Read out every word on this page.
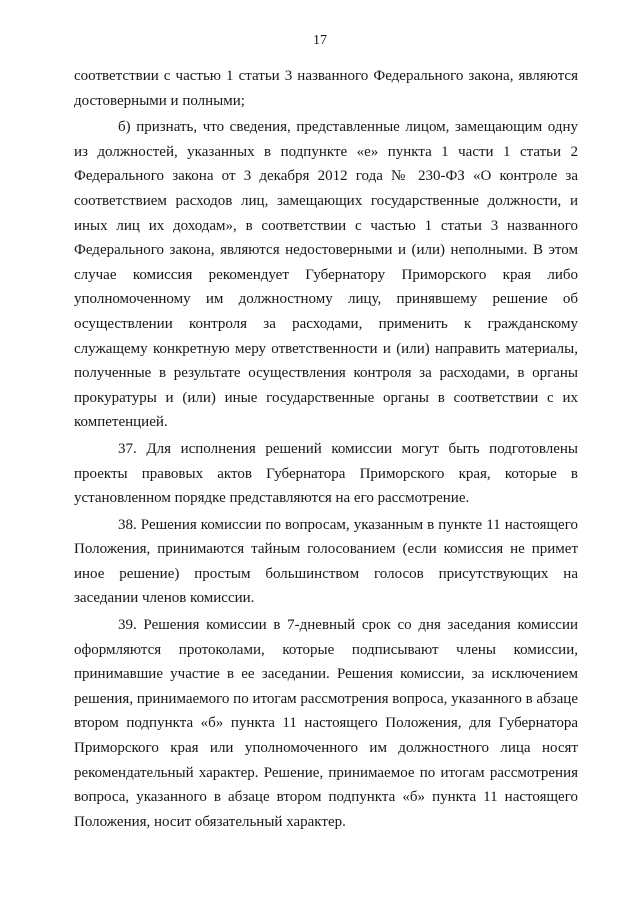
17

соответствии с частью 1 статьи 3 названного Федерального закона, являются достоверными и полными;

б) признать, что сведения, представленные лицом, замещающим одну из должностей, указанных в подпункте «е» пункта 1 части 1 статьи 2 Федерального закона от 3 декабря 2012 года № 230-ФЗ «О контроле за соответствием расходов лиц, замещающих государственные должности, и иных лиц их доходам», в соответствии с частью 1 статьи 3 названного Федерального закона, являются недостоверными и (или) неполными. В этом случае комиссия рекомендует Губернатору Приморского края либо уполномоченному им должностному лицу, принявшему решение об осуществлении контроля за расходами, применить к гражданскому служащему конкретную меру ответственности и (или) направить материалы, полученные в результате осуществления контроля за расходами, в органы прокуратуры и (или) иные государственные органы в соответствии с их компетенцией.

37. Для исполнения решений комиссии могут быть подготовлены проекты правовых актов Губернатора Приморского края, которые в установленном порядке представляются на его рассмотрение.

38. Решения комиссии по вопросам, указанным в пункте 11 настоящего Положения, принимаются тайным голосованием (если комиссия не примет иное решение) простым большинством голосов присутствующих на заседании членов комиссии.

39. Решения комиссии в 7-дневный срок со дня заседания комиссии оформляются протоколами, которые подписывают члены комиссии, принимавшие участие в ее заседании. Решения комиссии, за исключением решения, принимаемого по итогам рассмотрения вопроса, указанного в абзаце втором подпункта «б» пункта 11 настоящего Положения, для Губернатора Приморского края или уполномоченного им должностного лица носят рекомендательный характер. Решение, принимаемое по итогам рассмотрения вопроса, указанного в абзаце втором подпункта «б» пункта 11 настоящего Положения, носит обязательный характер.
